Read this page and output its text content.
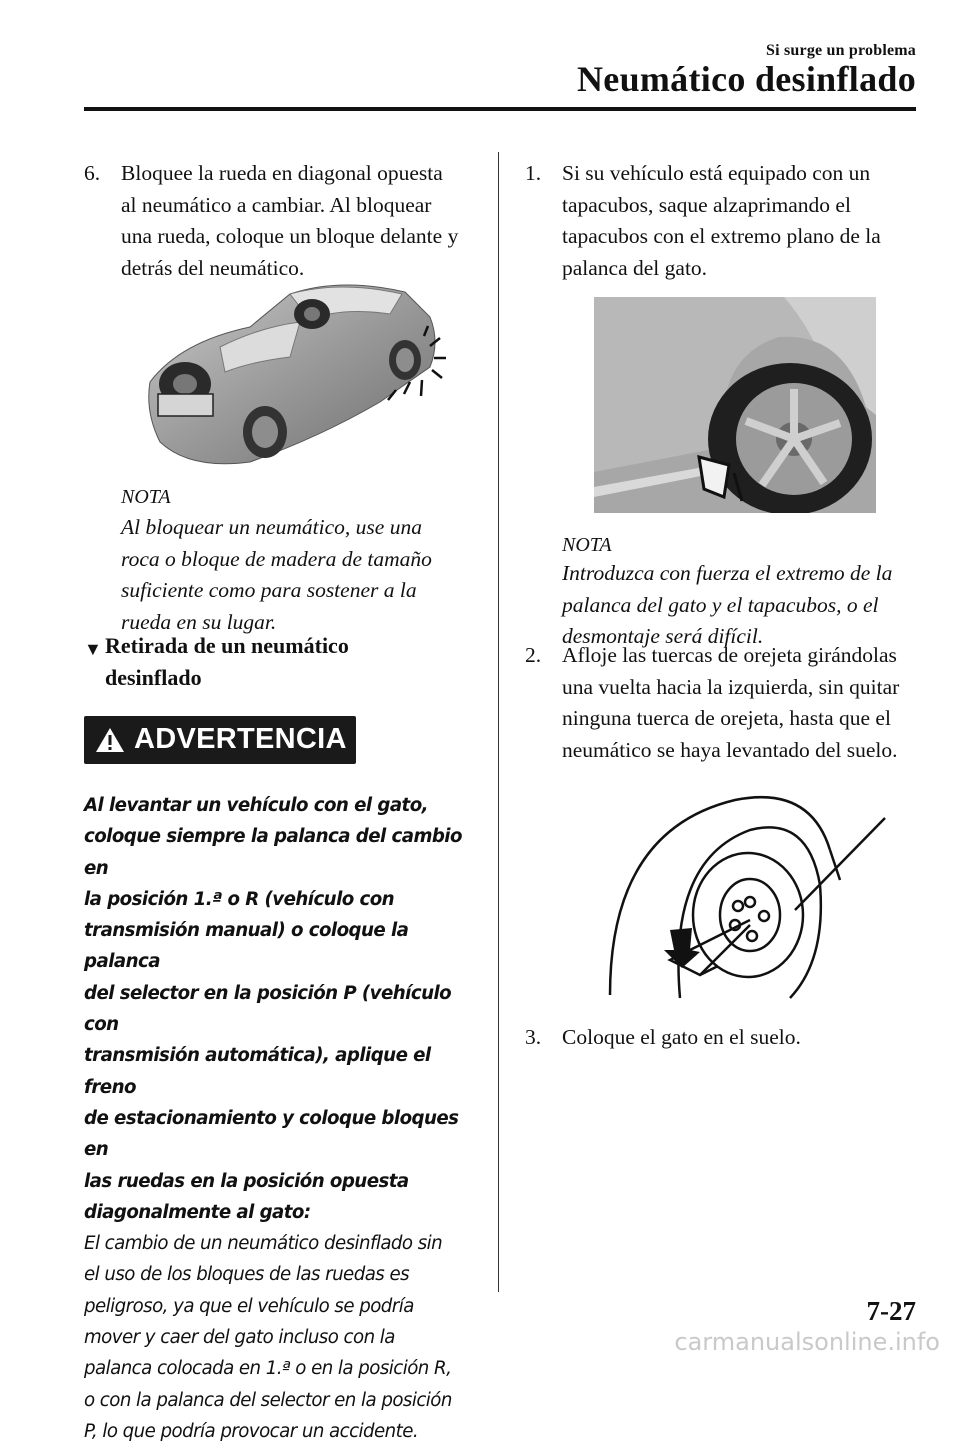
Si surge un problema
Neumático desinflado
6. Bloquee la rueda en diagonal opuesta
al neumático a cambiar. Al bloquear
una rueda, coloque un bloque delante y
detrás del neumático.
NOTA
Al bloquear un neumático, use una
roca o bloque de madera de tamaño
suficiente como para sostener a la
rueda en su lugar.
▼ Retirada de un neumático
desinflado
ADVERTENCIA
Al levantar un vehículo con el gato,
coloque siempre la palanca del cambio en
la posición 1.ª o R (vehículo con
transmisión manual) o coloque la palanca
del selector en la posición P (vehículo con
transmisión automática), aplique el freno
de estacionamiento y coloque bloques en
las ruedas en la posición opuesta
diagonalmente al gato:
El cambio de un neumático desinflado sin
el uso de los bloques de las ruedas es
peligroso, ya que el vehículo se podría
mover y caer del gato incluso con la
palanca colocada en 1.ª o en la posición R,
o con la palanca del selector en la posición
P, lo que podría provocar un accidente.
1. Si su vehículo está equipado con un
tapacubos, saque alzaprimando el
tapacubos con el extremo plano de la
palanca del gato.
NOTA
Introduzca con fuerza el extremo de la
palanca del gato y el tapacubos, o el
desmontaje será difícil.
2. Afloje las tuercas de orejeta girándolas
una vuelta hacia la izquierda, sin quitar
ninguna tuerca de orejeta, hasta que el
neumático se haya levantado del suelo.
3. Coloque el gato en el suelo.
7-27
carmanualsonline.info
